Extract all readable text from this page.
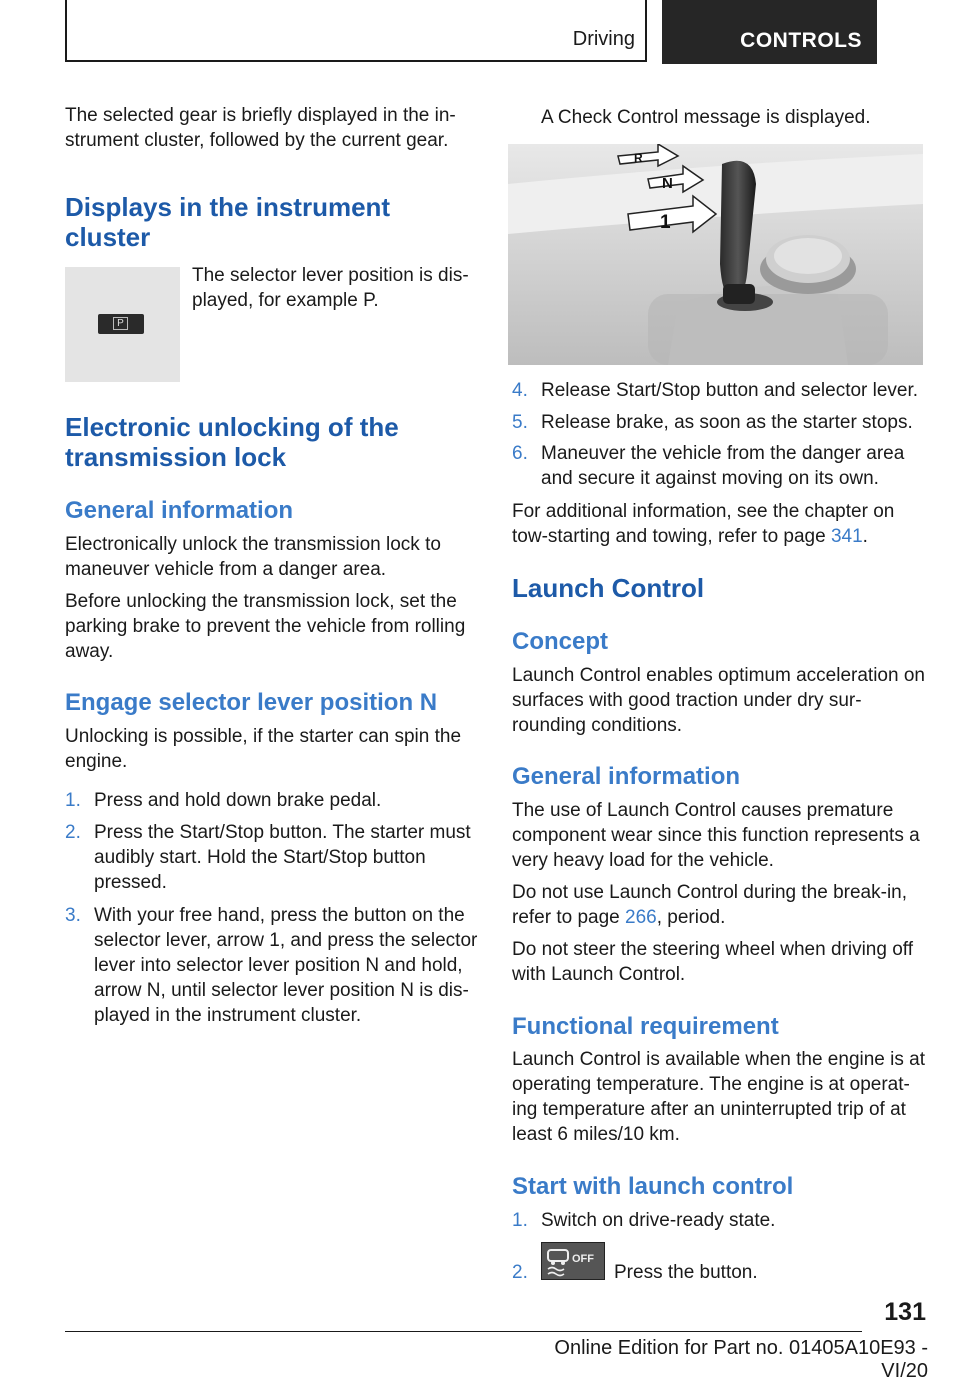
Driving	CONTROLS

The selected gear is briefly displayed in the in-strument cluster, followed by the current gear.

Displays in the instrument cluster
P

The selector lever position is dis-played, for example P.

Electronic unlocking of the transmission lock
General information

Electronically unlock the transmission lock to maneuver vehicle from a danger area.

Before unlocking the transmission lock, set the parking brake to prevent the vehicle from rolling away.

Engage selector lever position N

Unlocking is possible, if the starter can spin the engine.

1. Press and hold down brake pedal.
2. Press the Start/Stop button. The starter must audibly start. Hold the Start/Stop button pressed.
3. With your free hand, press the button on the selector lever, arrow 1, and press the selector lever into selector lever position N and hold, arrow N, until selector lever position N is dis-played in the instrument cluster.

A Check Control message is displayed.

R
N
1
4. Release Start/Stop button and selector lever.
5. Release brake, as soon as the starter stops.
6. Maneuver the vehicle from the danger area and secure it against moving on its own.

For additional information, see the chapter on tow-starting and towing, refer to page 341.

Launch Control
Concept

Launch Control enables optimum acceleration on surfaces with good traction under dry sur-rounding conditions.

General information

The use of Launch Control causes premature component wear since this function represents a very heavy load for the vehicle.

Do not use Launch Control during the break-in, refer to page 266, period.

Do not steer the steering wheel when driving off with Launch Control.

Functional requirement

Launch Control is available when the engine is at operating temperature. The engine is at operat-ing temperature after an uninterrupted trip of at least 6 miles/10 km.

Start with launch control
1. Switch on drive-ready state.
2.
OFF
Press the button.
131
Online Edition for Part no. 01405A10E93 - VI/20
